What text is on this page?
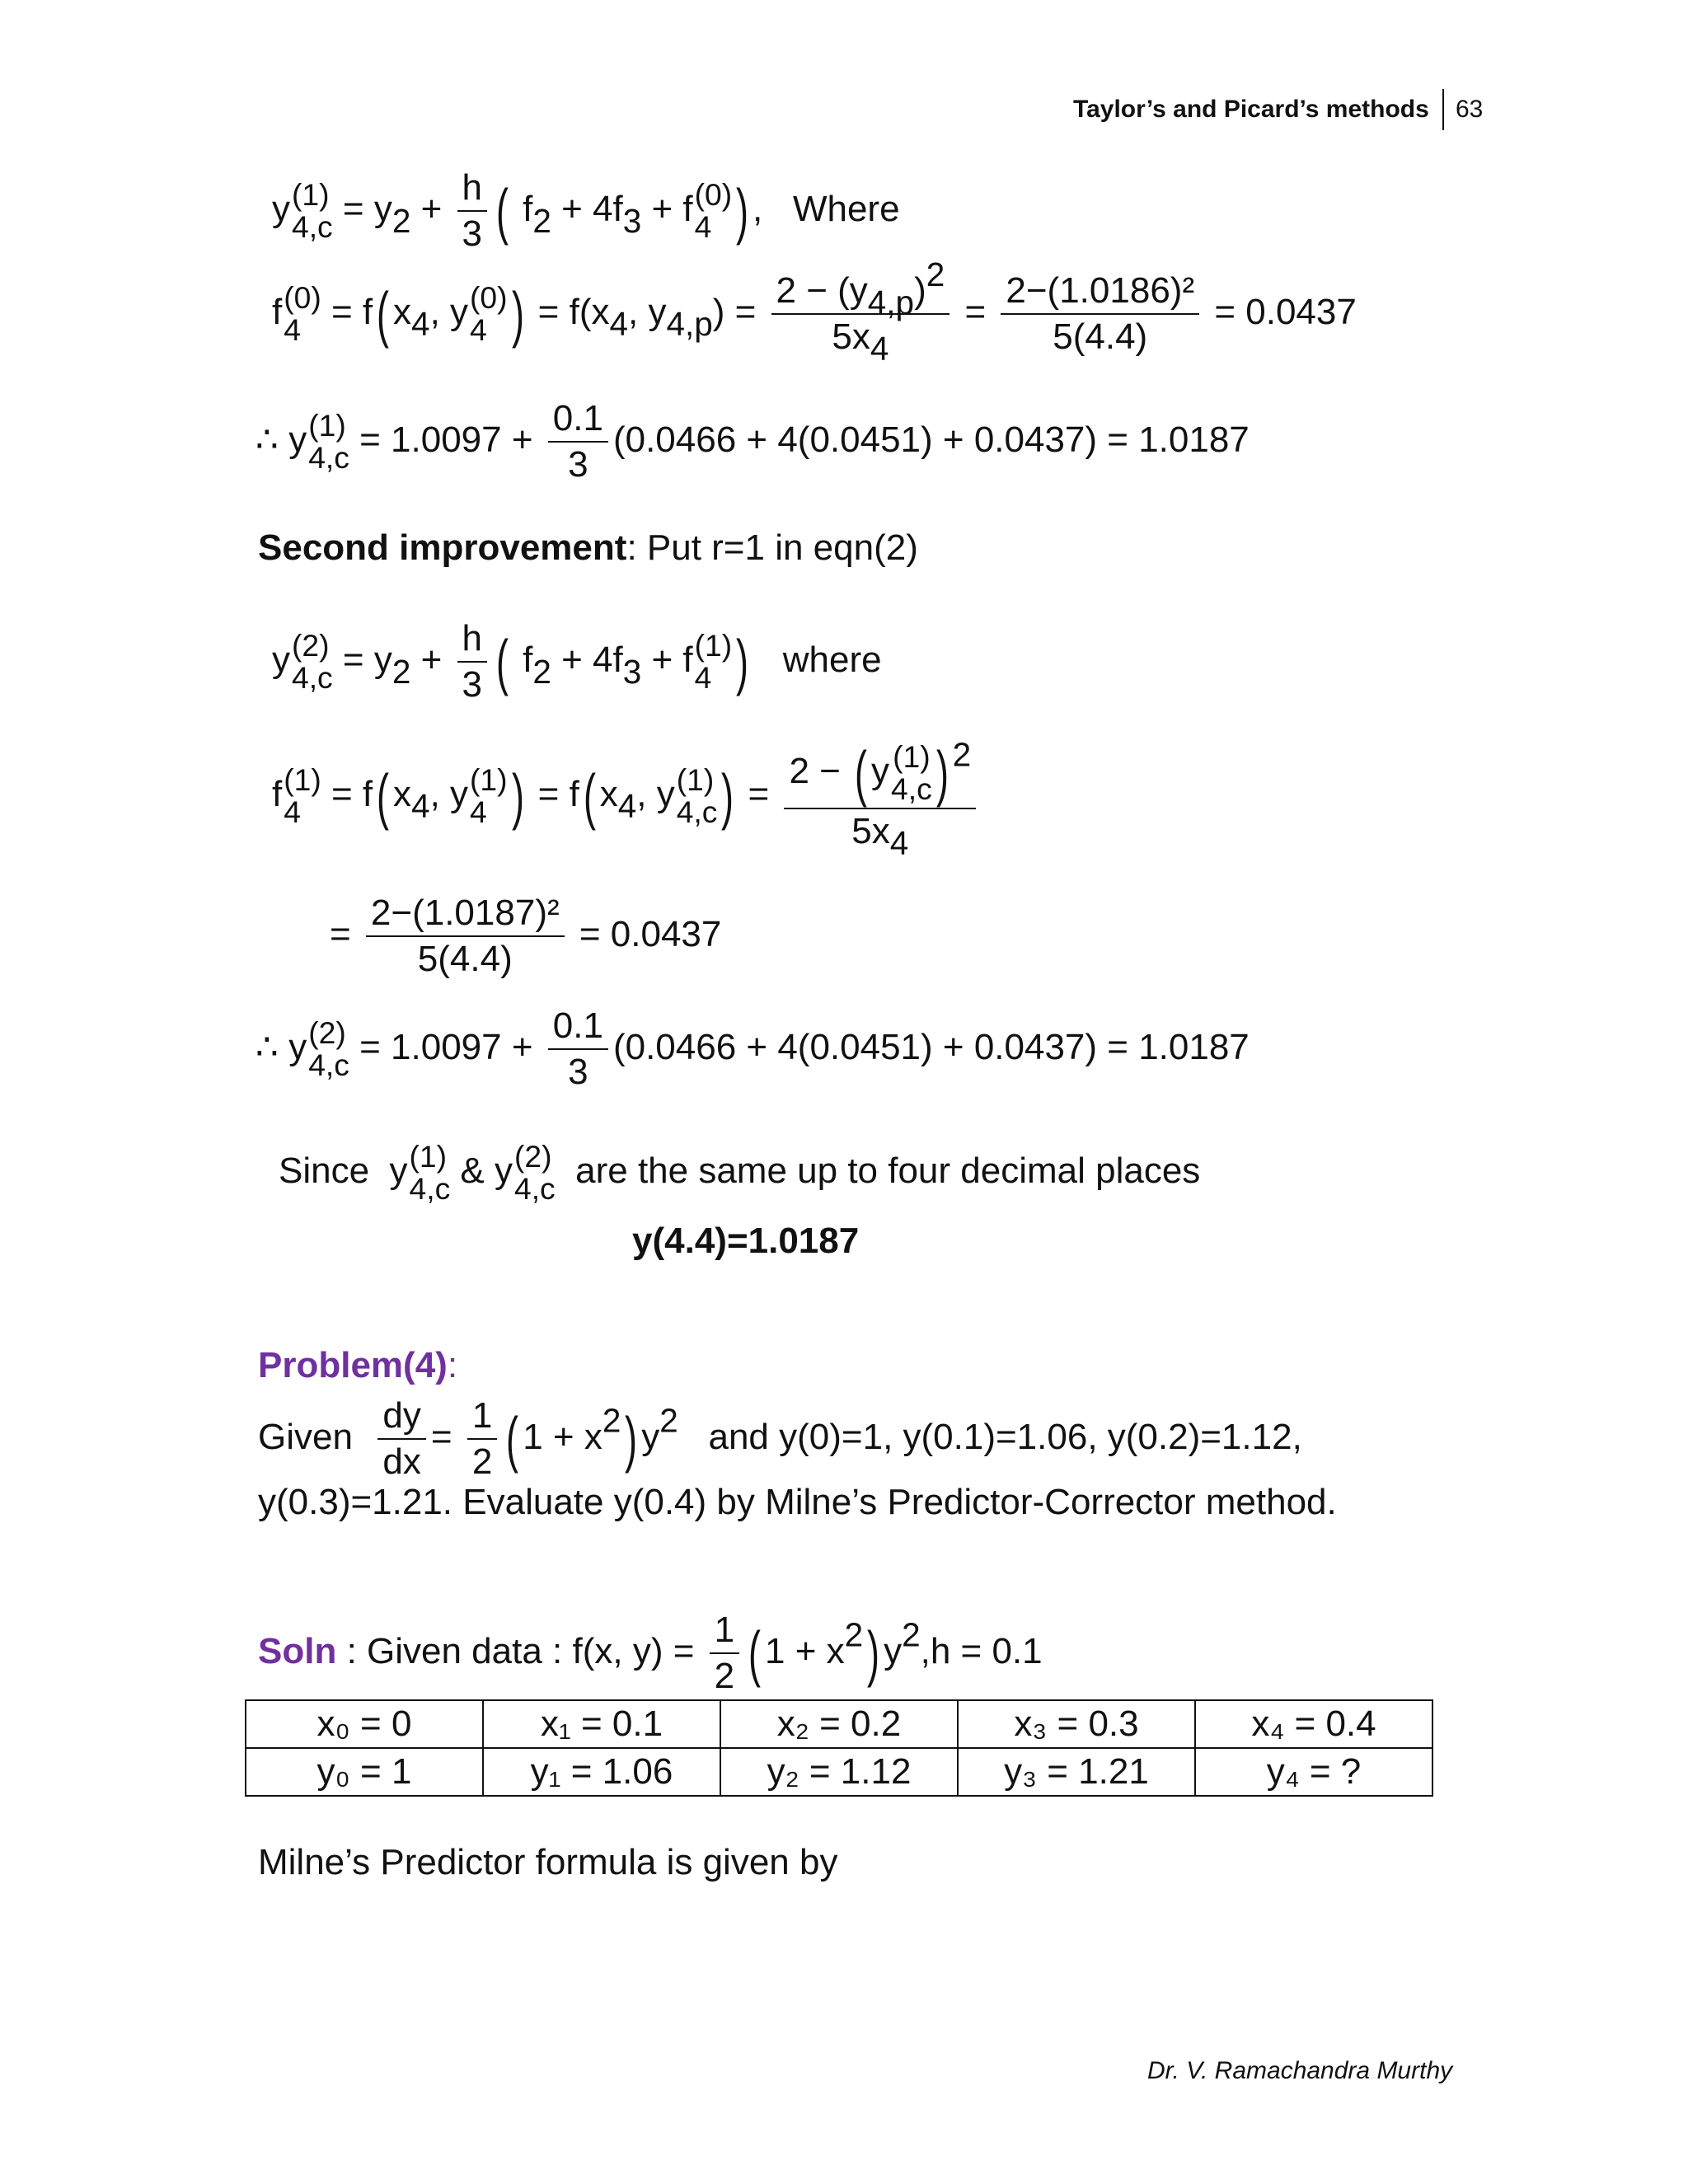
Taylor’s and Picard’s methods 63
y (1)
$4,c = y_2 + \frac{h}{3}$ ( $f_2 + 4f_3 + f$ (0)
4 ) ,   Where
f (0)
4 = f( $x_4$, y (0)
4 ) = $f(x_4$, $y_{4,p}) = \frac{2 - (y_{4,p})^2}{5x_4} = \frac{\text{2−(1.0186)²}}{5(4.4)} = 0.0437$
∴ y (1)
$4,c = 1.0097 + \frac{0.1}{3} (0.0466 + 4(0.0451) + 0.0437) = 1.0187$
Second improvement: Put r=1 in eqn(2)
y (2)
$4,c = y_2 + \frac{h}{3}$ ( $f_2 + 4f_3 + f$ (1)
4 ) where
f (1)
4 = f( $x_4$, y (1)
4 ) = f( $x_4$, y (1)
4,c ) = 2 − ( y (1)
4,c ) $^2$
$5x_4$
= $\frac{\text{2−(1.0187)²}}{5(4.4)} = 0.0437$
∴ y (2)
$4,c = 1.0097 + \frac{0.1}{3} (0.0466 + 4(0.0451) + 0.0437) = 1.0187$
Since  y (1)
4,c & y (2)
4,c are the same up to four decimal places
y(4.4)=1.0187
Problem(4):
Given $\frac{dy}{dx} = \frac{1}{2}$ ( $1 + x^2$) $y^2$ and y(0)=1, y(0.1)=1.06, y(0.2)=1.12,
y(0.3)=1.21. Evaluate y(0.4) by Milne’s Predictor-Corrector method.
Soln : Given data : f(x, $y) = \frac{1}{2}$ ( $1 + x^2$) $y^2,h = 0.1$
x₀ = 0	x₁ = 0.1	x₂ = 0.2	x₃ = 0.3	x₄ = 0.4
y₀ = 1	y₁ = 1.06	y₂ = 1.12	y₃ = 1.21	y₄ = ?
Milne’s Predictor formula is given by
Dr. V. Ramachandra Murthy
